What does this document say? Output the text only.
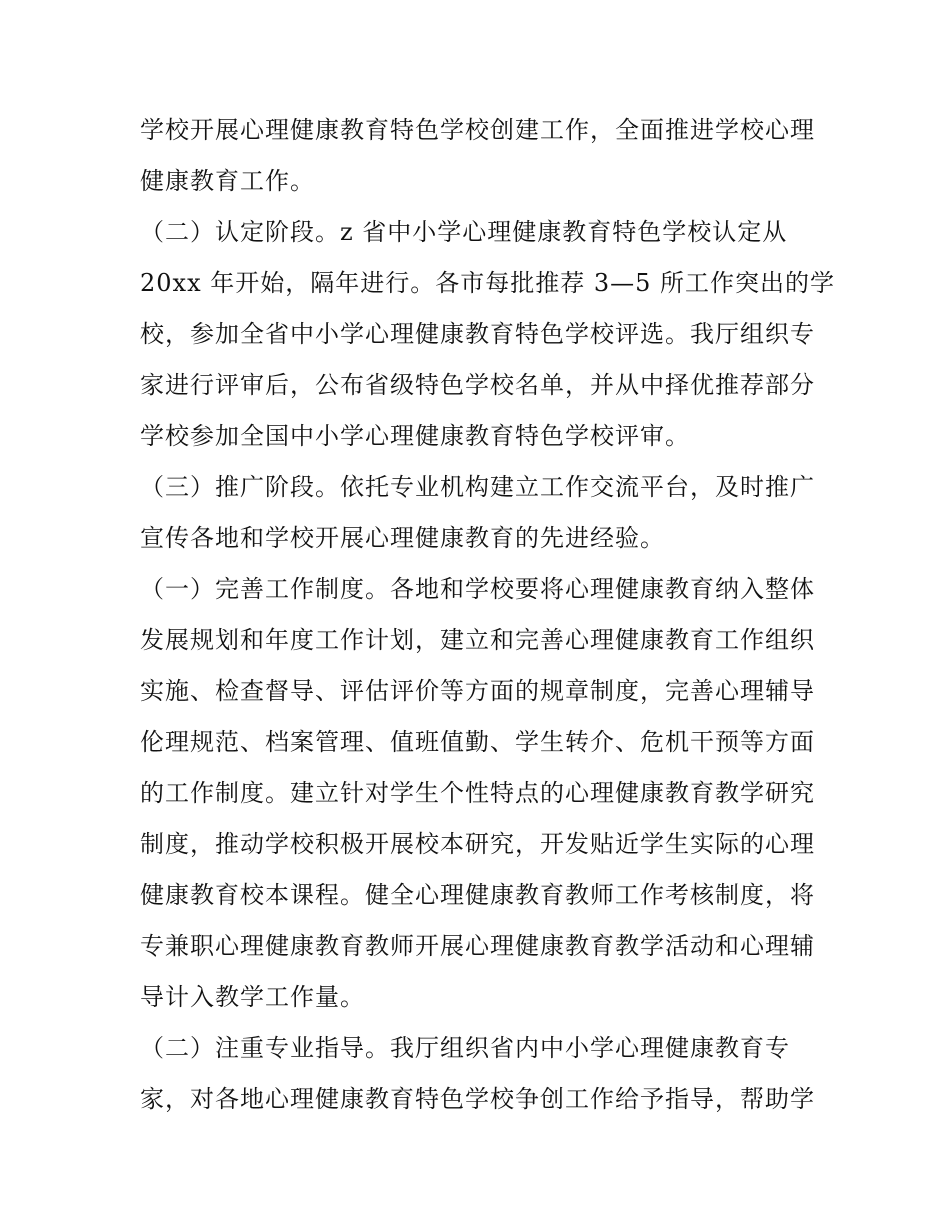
学校开展心理健康教育特色学校创建工作，全面推进学校心理
健康教育工作。
（二）认定阶段。z 省中小学心理健康教育特色学校认定从
20xx 年开始，隔年进行。各市每批推荐 3—5 所工作突出的学
校，参加全省中小学心理健康教育特色学校评选。我厅组织专
家进行评审后，公布省级特色学校名单，并从中择优推荐部分
学校参加全国中小学心理健康教育特色学校评审。
（三）推广阶段。依托专业机构建立工作交流平台，及时推广
宣传各地和学校开展心理健康教育的先进经验。
（一）完善工作制度。各地和学校要将心理健康教育纳入整体
发展规划和年度工作计划，建立和完善心理健康教育工作组织
实施、检查督导、评估评价等方面的规章制度，完善心理辅导
伦理规范、档案管理、值班值勤、学生转介、危机干预等方面
的工作制度。建立针对学生个性特点的心理健康教育教学研究
制度，推动学校积极开展校本研究，开发贴近学生实际的心理
健康教育校本课程。健全心理健康教育教师工作考核制度，将
专兼职心理健康教育教师开展心理健康教育教学活动和心理辅
导计入教学工作量。
（二）注重专业指导。我厅组织省内中小学心理健康教育专
家，对各地心理健康教育特色学校争创工作给予指导，帮助学
